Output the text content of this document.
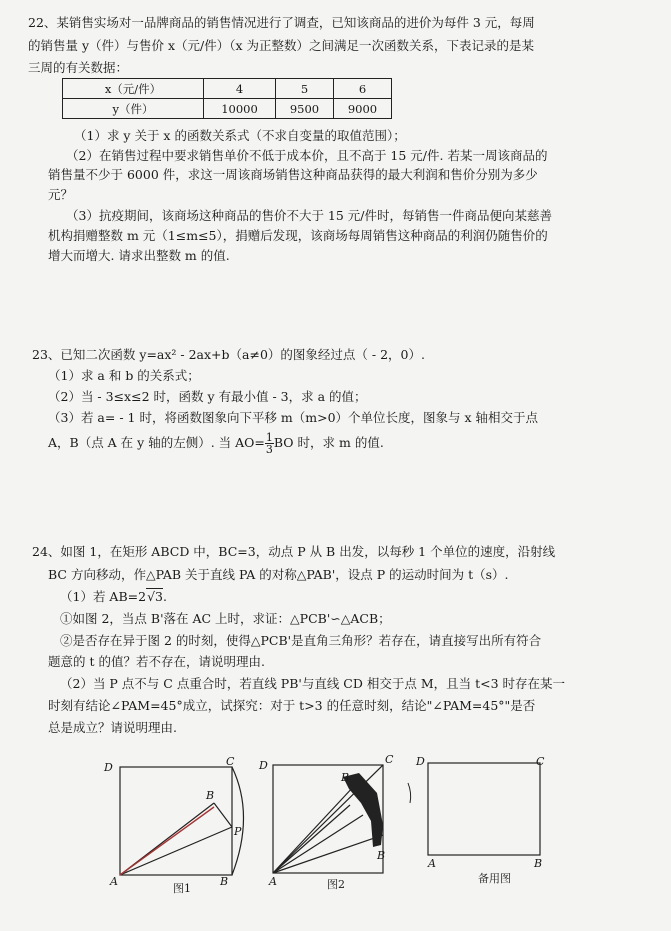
22、某销售实场对一品牌商品的销售情况进行了调查，已知该商品的进价为每件 3 元，每周
的销售量 y（件）与售价 x（元/件）（x 为正整数）之间满足一次函数关系，下表记录的是某
三周的有关数据：
x（元/件）	4	5	6
y（件）	10000	9500	9000
（1）求 y 关于 x 的函数关系式（不求自变量的取值范围）；
（2）在销售过程中要求销售单价不低于成本价，且不高于 15 元/件. 若某一周该商品的
销售量不少于 6000 件，求这一周该商场销售这种商品获得的最大利润和售价分别为多少
元？
（3）抗疫期间，该商场这种商品的售价不大于 15 元/件时，每销售一件商品便向某慈善
机构捐赠整数 m 元（1≤m≤5），捐赠后发现，该商场每周销售这种商品的利润仍随售价的
增大而增大. 请求出整数 m 的值.
23、已知二次函数 y=ax² - 2ax+b（a≠0）的图象经过点（ - 2，0）.
（1）求 a 和 b 的关系式；
（2）当 - 3≤x≤2 时，函数 y 有最小值 - 3，求 a 的值；
（3）若 a= - 1 时，将函数图象向下平移 m（m>0）个单位长度，图象与 x 轴相交于点
A，B（点 A 在 y 轴的左侧）. 当 $AO= \frac{1}{3}$ BO 时，求 m 的值.
24、如图 1，在矩形 ABCD 中，BC=3，动点 P 从 B 出发，以每秒 1 个单位的速度，沿射线
BC 方向移动，作△PAB 关于直线 PA 的对称△PAB'，设点 P 的运动时间为 t（s）.
（1）若 AB=2√3.
①如图 2，当点 B'落在 AC 上时，求证：△PCB'∽△ACB；
②是否存在异于图 2 的时刻，使得△PCB'是直角三角形？若存在，请直接写出所有符合
题意的 t 的值？若不存在，请说明理由.
（2）当 P 点不与 C 点重合时，若直线 PB'与直线 CD 相交于点 M，且当 t<3 时存在某一
时刻有结论∠PAM=45°成立，试探究：对于 t>3 的任意时刻，结论"∠PAM=45°"是否
总是成立？请说明理由.
D	C
A	B
B
P
图1
D
A
B
B
C
图2
D	C
A	B
备用图
